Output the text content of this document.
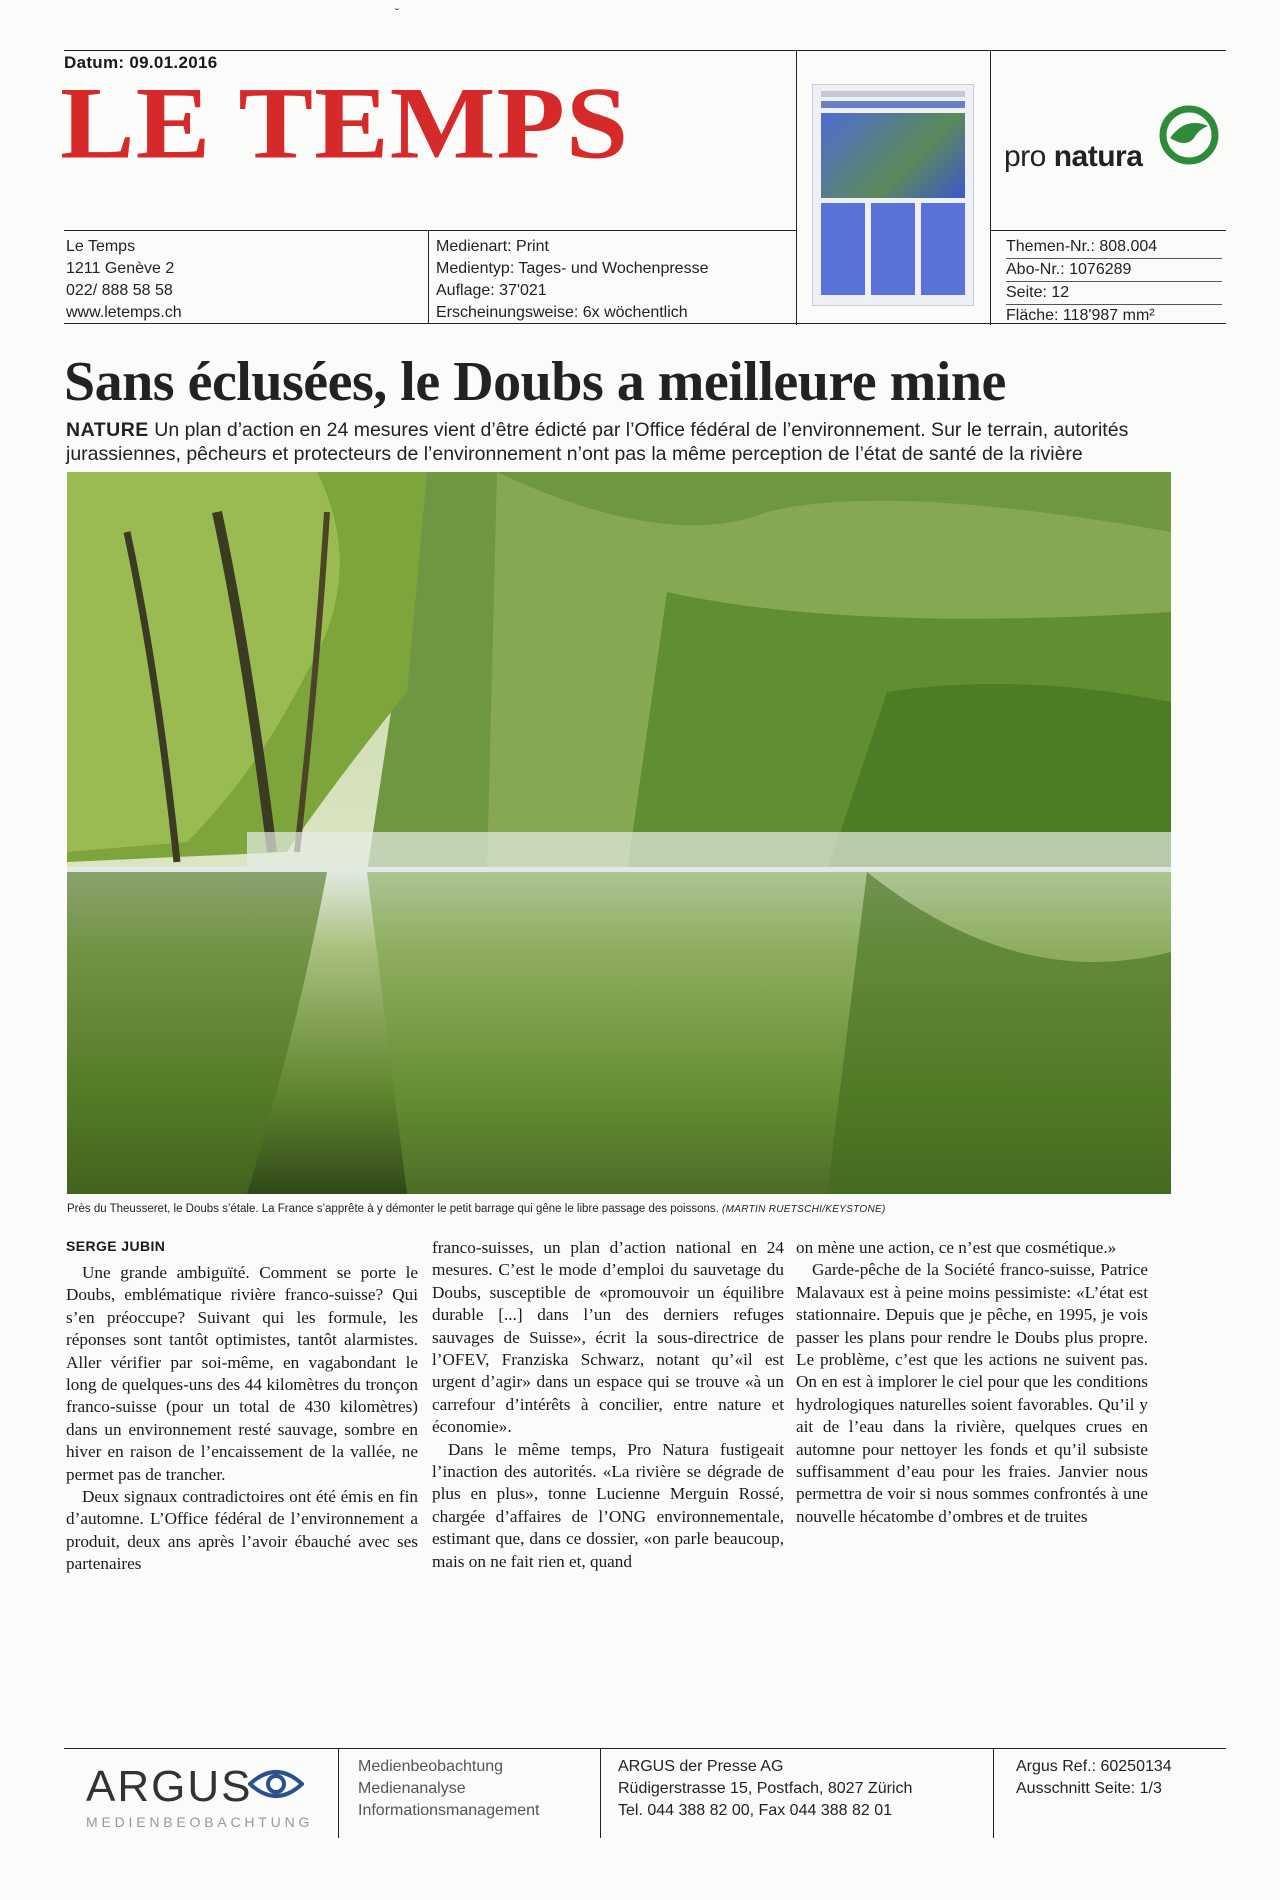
˘
Datum: 09.01.2016
LE TEMPS	pro natura
Le Temps
1211 Genève 2
022/ 888 58 58
www.letemps.ch
Medienart: Print
Medientyp: Tages- und Wochenpresse
Auflage: 37'021
Erscheinungsweise: 6x wöchentlich
Themen-Nr.: 808.004
Abo-Nr.: 1076289
Seite: 12
Fläche: 118'987 mm²
Sans éclusées, le Doubs a meilleure mine
NATURE Un plan d’action en 24 mesures vient d’être édicté par l’Office fédéral de l’environnement. Sur le terrain, autorités jurassiennes, pêcheurs et protecteurs de l’environnement n’ont pas la même perception de l’état de santé de la rivière
Près du Theusseret, le Doubs s’étale. La France s’apprête à y démonter le petit barrage qui gêne le libre passage des poissons. (MARTIN RUETSCHI/KEYSTONE)
SERGE JUBIN

Une grande ambiguïté. Comment se porte le Doubs, emblématique rivière franco-suisse? Qui s’en préoccupe? Suivant qui les formule, les réponses sont tantôt optimistes, tantôt alarmistes. Aller vérifier par soi-même, en vagabondant le long de quelques-uns des 44 kilomètres du tronçon franco-suisse (pour un total de 430 kilomètres) dans un environnement resté sauvage, sombre en hiver en raison de l’encaissement de la vallée, ne permet pas de trancher.

Deux signaux contradictoires ont été émis en fin d’automne. L’Office fédéral de l’environnement a produit, deux ans après l’avoir ébauché avec ses partenaires

franco-suisses, un plan d’action national en 24 mesures. C’est le mode d’emploi du sauvetage du Doubs, susceptible de «promouvoir un équilibre durable [...] dans l’un des derniers refuges sauvages de Suisse», écrit la sous-directrice de l’OFEV, Franziska Schwarz, notant qu’«il est urgent d’agir» dans un espace qui se trouve «à un carrefour d’intérêts à concilier, entre nature et économie».

Dans le même temps, Pro Natura fustigeait l’inaction des autorités. «La rivière se dégrade de plus en plus», tonne Lucienne Merguin Rossé, chargée d’affaires de l’ONG environnementale, estimant que, dans ce dossier, «on parle beaucoup, mais on ne fait rien et, quand

on mène une action, ce n’est que cosmétique.»

Garde-pêche de la Société franco-suisse, Patrice Malavaux est à peine moins pessimiste: «L’état est stationnaire. Depuis que je pêche, en 1995, je vois passer les plans pour rendre le Doubs plus propre. Le problème, c’est que les actions ne suivent pas. On en est à implorer le ciel pour que les conditions hydrologiques naturelles soient favorables. Qu’il y ait de l’eau dans la rivière, quelques crues en automne pour nettoyer les fonds et qu’il subsiste suffisamment d’eau pour les fraies. Janvier nous permettra de voir si nous sommes confrontés à une nouvelle hécatombe d’ombres et de truites

ARGUS
MEDIENBEOBACHTUNG
Medienbeobachtung
Medienanalyse
Informationsmanagement
ARGUS der Presse AG
Rüdigerstrasse 15, Postfach, 8027 Zürich
Tel. 044 388 82 00, Fax 044 388 82 01
Argus Ref.: 60250134
Ausschnitt Seite: 1/3
